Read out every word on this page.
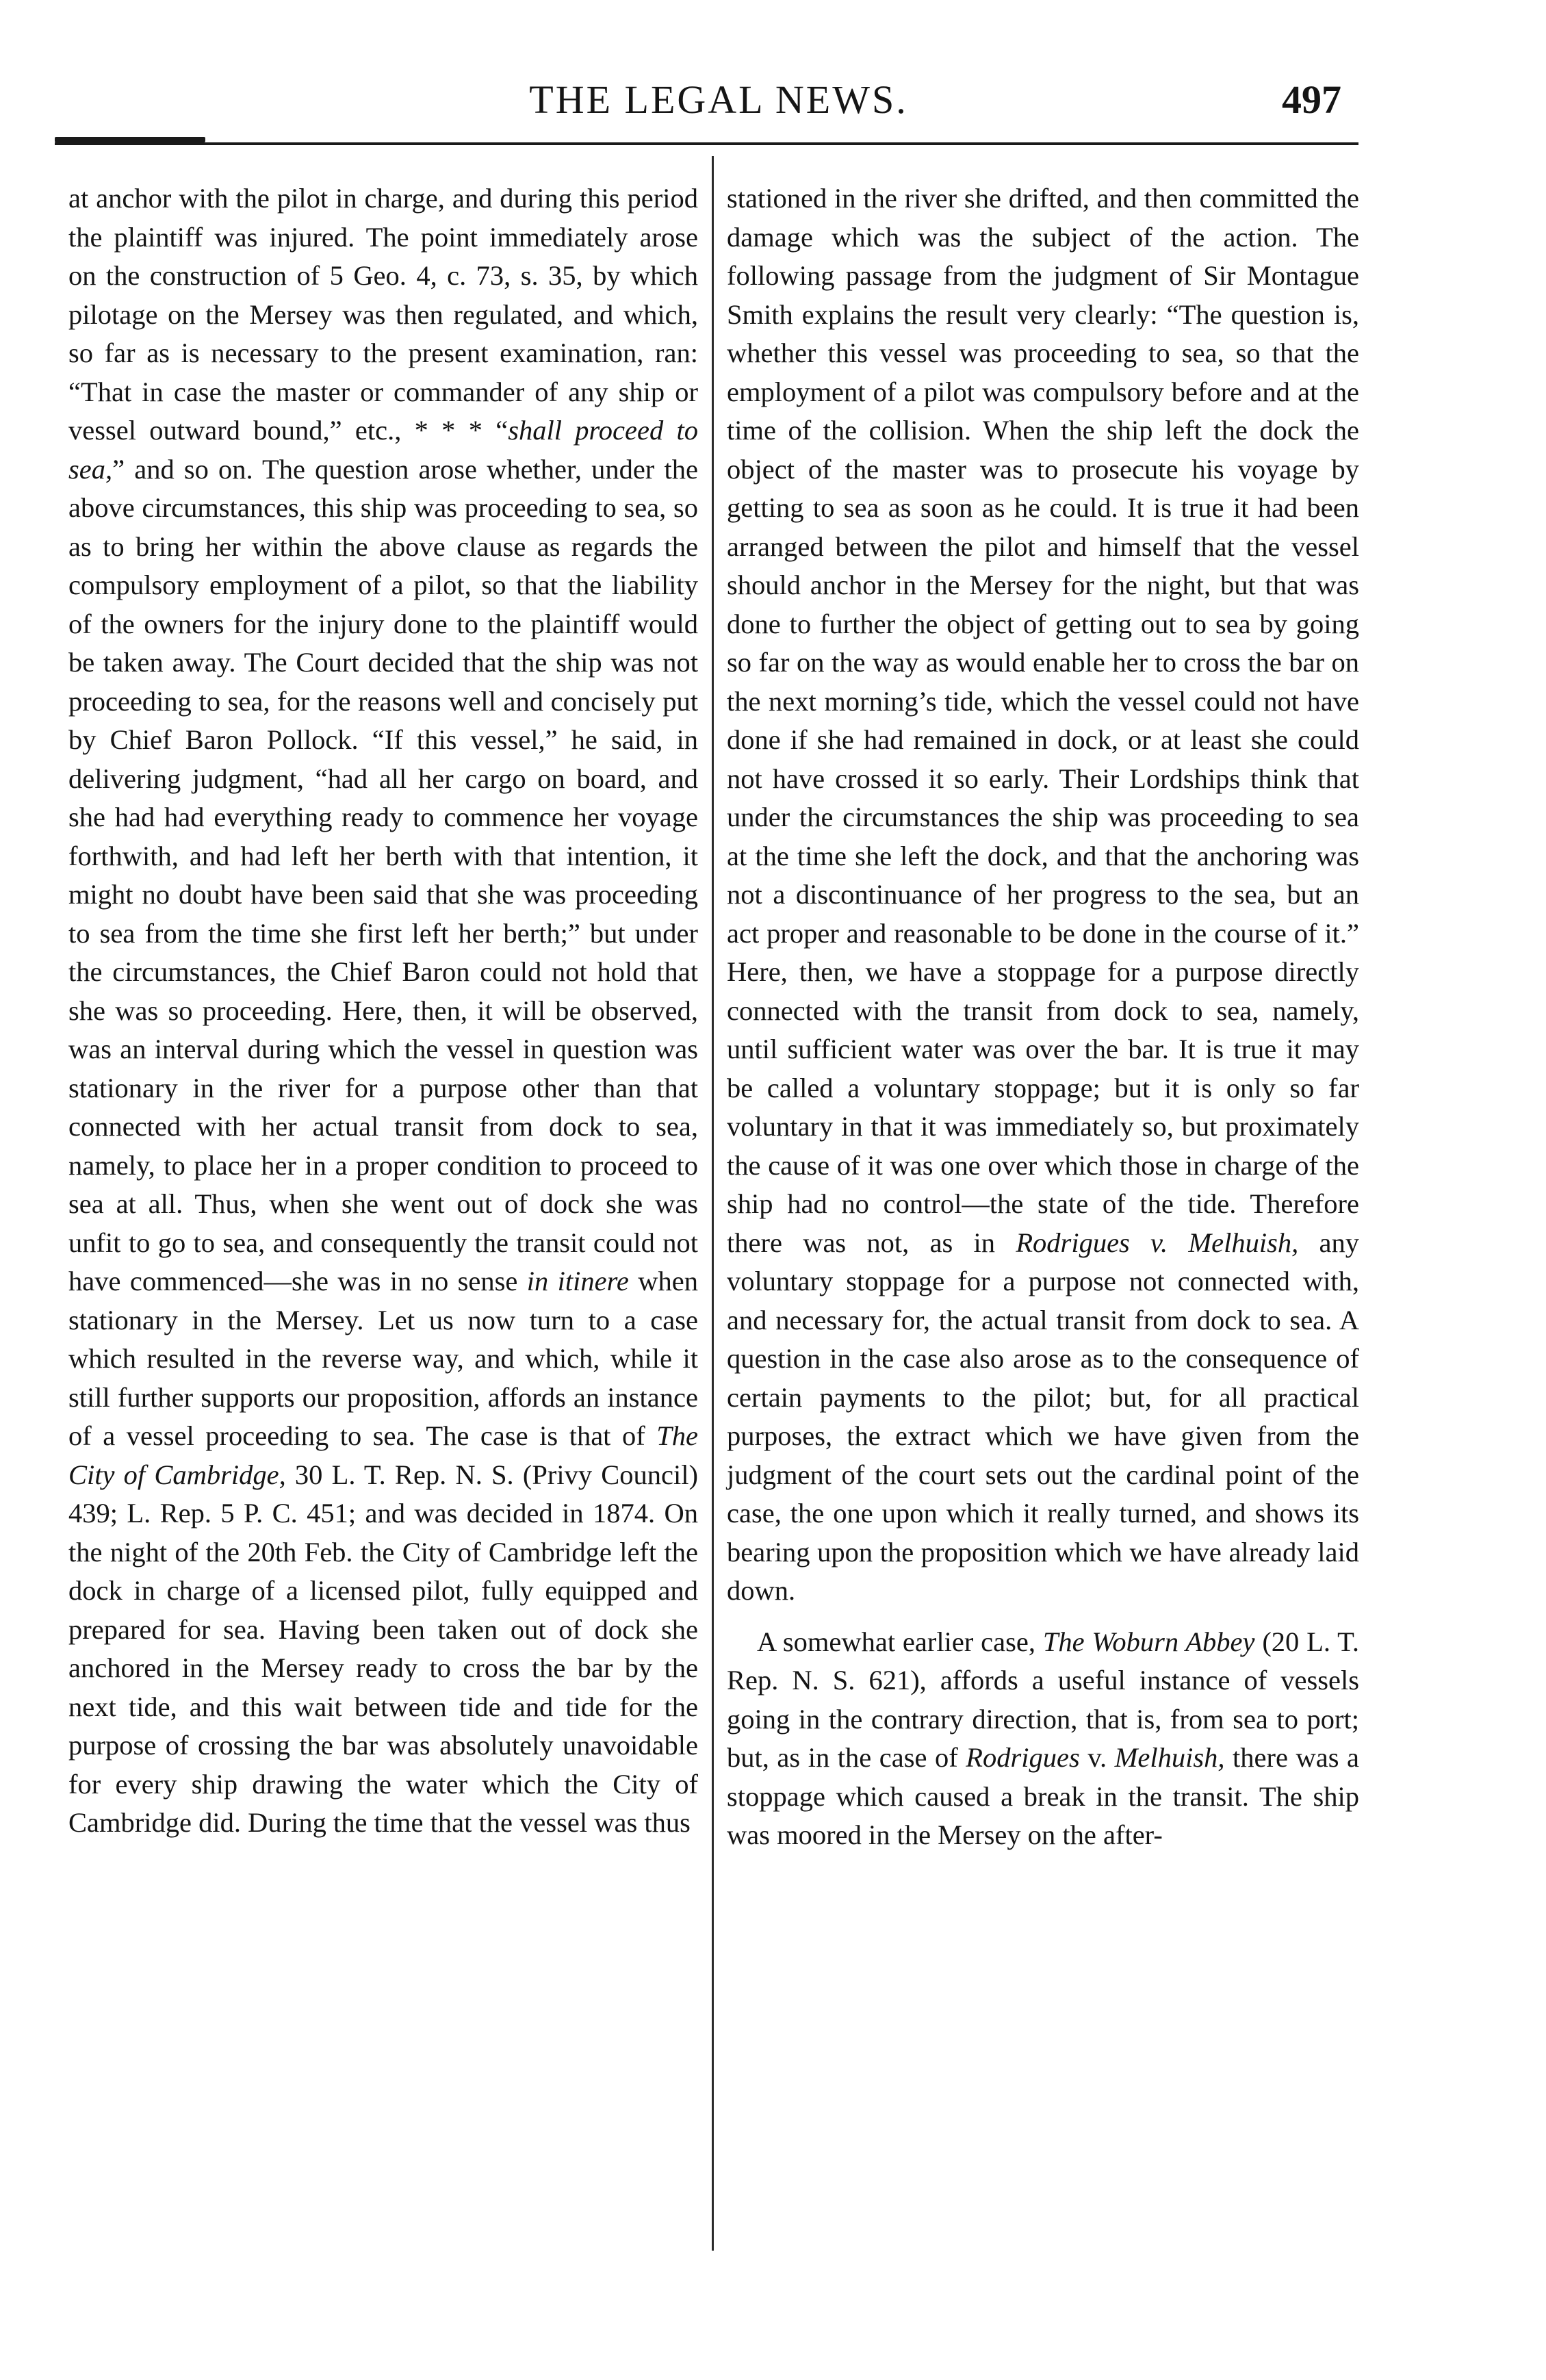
THE LEGAL NEWS.	497

at anchor with the pilot in charge, and during this period the plaintiff was injured. The point immediately arose on the construction of 5 Geo. 4, c. 73, s. 35, by which pilotage on the Mersey was then regulated, and which, so far as is necessary to the present examination, ran: “That in case the master or commander of any ship or vessel outward bound,” etc., * * * “shall proceed to sea,” and so on. The question arose whether, under the above circumstances, this ship was proceeding to sea, so as to bring her within the above clause as regards the compulsory employment of a pilot, so that the liability of the owners for the injury done to the plaintiff would be taken away. The Court decided that the ship was not proceeding to sea, for the reasons well and concisely put by Chief Baron Pollock. “If this vessel,” he said, in delivering judgment, “had all her cargo on board, and she had had everything ready to commence her voyage forthwith, and had left her berth with that intention, it might no doubt have been said that she was proceeding to sea from the time she first left her berth;” but under the circumstances, the Chief Baron could not hold that she was so proceeding. Here, then, it will be observed, was an interval during which the vessel in question was stationary in the river for a purpose other than that connected with her actual transit from dock to sea, namely, to place her in a proper condition to proceed to sea at all. Thus, when she went out of dock she was unfit to go to sea, and consequently the transit could not have commenced—she was in no sense in itinere when stationary in the Mersey. Let us now turn to a case which resulted in the reverse way, and which, while it still further supports our proposition, affords an instance of a vessel proceeding to sea. The case is that of The City of Cambridge, 30 L. T. Rep. N. S. (Privy Council) 439; L. Rep. 5 P. C. 451; and was decided in 1874. On the night of the 20th Feb. the City of Cambridge left the dock in charge of a licensed pilot, fully equipped and prepared for sea. Having been taken out of dock she anchored in the Mersey ready to cross the bar by the next tide, and this wait between tide and tide for the purpose of crossing the bar was absolutely unavoidable for every ship drawing the water which the City of Cambridge did. During the time that the vessel was thus

stationed in the river she drifted, and then committed the damage which was the subject of the action. The following passage from the judgment of Sir Montague Smith explains the result very clearly: “The question is, whether this vessel was proceeding to sea, so that the employment of a pilot was compulsory before and at the time of the collision. When the ship left the dock the object of the master was to prosecute his voyage by getting to sea as soon as he could. It is true it had been arranged between the pilot and himself that the vessel should anchor in the Mersey for the night, but that was done to further the object of getting out to sea by going so far on the way as would enable her to cross the bar on the next morning’s tide, which the vessel could not have done if she had remained in dock, or at least she could not have crossed it so early. Their Lordships think that under the circumstances the ship was proceeding to sea at the time she left the dock, and that the anchoring was not a discontinuance of her progress to the sea, but an act proper and reasonable to be done in the course of it.” Here, then, we have a stoppage for a purpose directly connected with the transit from dock to sea, namely, until sufficient water was over the bar. It is true it may be called a voluntary stoppage; but it is only so far voluntary in that it was immediately so, but proximately the cause of it was one over which those in charge of the ship had no control—the state of the tide. Therefore there was not, as in Rodrigues v. Melhuish, any voluntary stoppage for a purpose not connected with, and necessary for, the actual transit from dock to sea. A question in the case also arose as to the consequence of certain payments to the pilot; but, for all practical purposes, the extract which we have given from the judgment of the court sets out the cardinal point of the case, the one upon which it really turned, and shows its bearing upon the proposition which we have already laid down.

A somewhat earlier case, The Woburn Abbey (20 L. T. Rep. N. S. 621), affords a useful instance of vessels going in the contrary direction, that is, from sea to port; but, as in the case of Rodrigues v. Melhuish, there was a stoppage which caused a break in the transit. The ship was moored in the Mersey on the after-
